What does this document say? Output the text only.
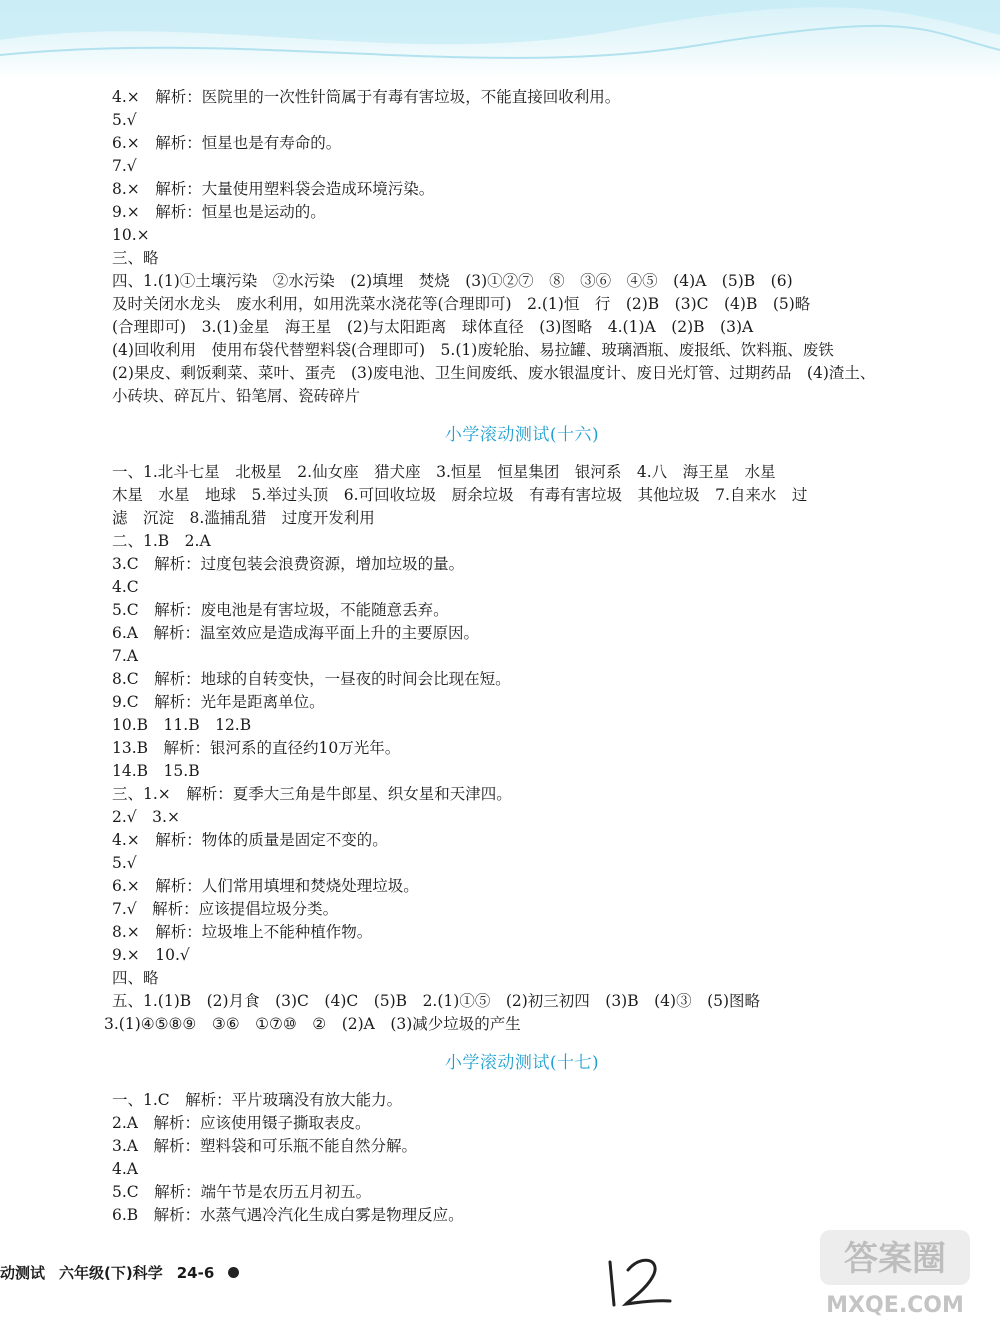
4.×　解析：医院里的一次性针筒属于有毒有害垃圾，不能直接回收利用。
5.√
6.×　解析：恒星也是有寿命的。
7.√
8.×　解析：大量使用塑料袋会造成环境污染。
9.×　解析：恒星也是运动的。
10.×
三、略
四、1.(1)①土壤污染　②水污染　(2)填埋　焚烧　(3)①②⑦　⑧　③⑥　④⑤　(4)A　(5)B　(6)
及时关闭水龙头　废水利用，如用洗菜水浇花等(合理即可)　2.(1)恒　行　(2)B　(3)C　(4)B　(5)略
(合理即可)　3.(1)金星　海王星　(2)与太阳距离　球体直径　(3)图略　4.(1)A　(2)B　(3)A
(4)回收利用　使用布袋代替塑料袋(合理即可)　5.(1)废轮胎、易拉罐、玻璃酒瓶、废报纸、饮料瓶、废铁
(2)果皮、剩饭剩菜、菜叶、蛋壳　(3)废电池、卫生间废纸、废水银温度计、废日光灯管、过期药品　(4)渣土、
小砖块、碎瓦片、铅笔屑、瓷砖碎片
小学滚动测试(十六)
一、1.北斗七星　北极星　2.仙女座　猎犬座　3.恒星　恒星集团　银河系　4.八　海王星　水星
木星　水星　地球　5.举过头顶　6.可回收垃圾　厨余垃圾　有毒有害垃圾　其他垃圾　7.自来水　过
滤　沉淀　8.滥捕乱猎　过度开发利用
二、1.B　2.A
3.C　解析：过度包装会浪费资源，增加垃圾的量。
4.C
5.C　解析：废电池是有害垃圾，不能随意丢弃。
6.A　解析：温室效应是造成海平面上升的主要原因。
7.A
8.C　解析：地球的自转变快，一昼夜的时间会比现在短。
9.C　解析：光年是距离单位。
10.B　11.B　12.B
13.B　解析：银河系的直径约10万光年。
14.B　15.B
三、1.×　解析：夏季大三角是牛郎星、织女星和天津四。
2.√　3.×
4.×　解析：物体的质量是固定不变的。
5.√
6.×　解析：人们常用填埋和焚烧处理垃圾。
7.√　解析：应该提倡垃圾分类。
8.×　解析：垃圾堆上不能种植作物。
9.×　10.√
四、略
五、1.(1)B　(2)月食　(3)C　(4)C　(5)B　2.(1)①⑤　(2)初三初四　(3)B　(4)③　(5)图略
3.(1)④⑤⑧⑨　③⑥　①⑦⑩　②　(2)A　(3)减少垃圾的产生
小学滚动测试(十七)
一、1.C　解析：平片玻璃没有放大能力。
2.A　解析：应该使用镊子撕取表皮。
3.A　解析：塑料袋和可乐瓶不能自然分解。
4.A
5.C　解析：端午节是农历五月初五。
6.B　解析：水蒸气遇冷汽化生成白雾是物理反应。
动测试 六年级(下)科学 24-6	答案圈
MXQE.COM
